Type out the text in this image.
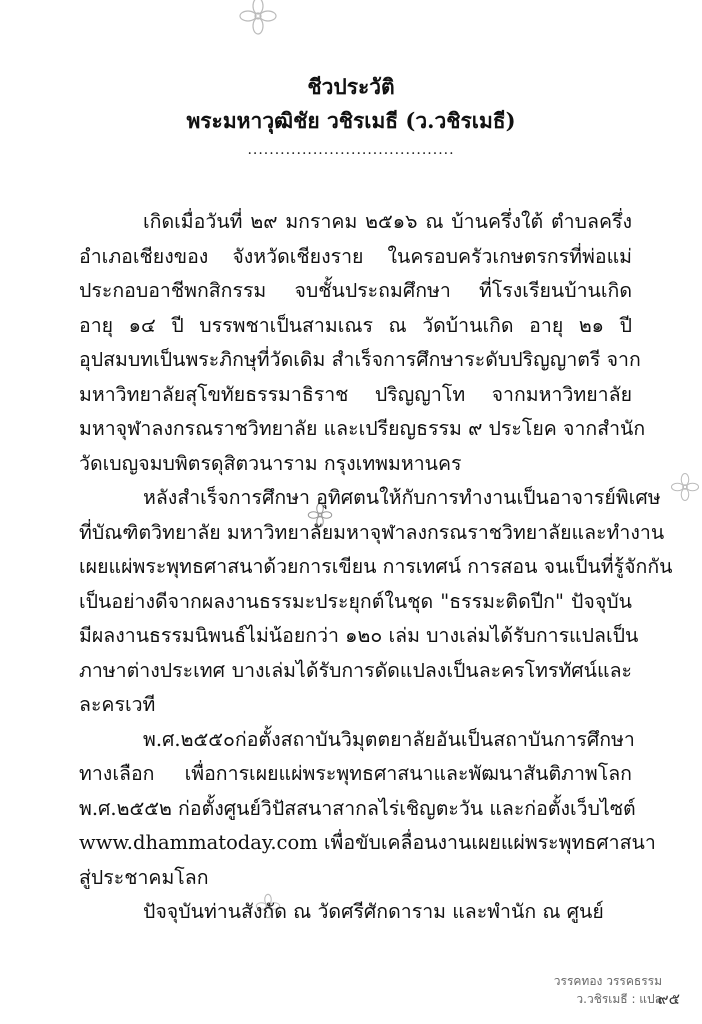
ชีวประวัติ
พระมหาวุฒิชัย วชิรเมธี (ว.วชิรเมธี)
......................................

เกิดเมื่อวันที่ ๒๙ มกราคม ๒๕๑๖ ณ บ้านครึ่งใต้ ตำบลครึ่ง
อำเภอเชียงของ จังหวัดเชียงราย ในครอบครัวเกษตรกรที่พ่อแม่
ประกอบอาชีพกสิกรรม จบชั้นประถมศึกษา ที่โรงเรียนบ้านเกิด
อายุ ๑๔ ปี บรรพชาเป็นสามเณร ณ วัดบ้านเกิด อายุ ๒๑ ปี
อุปสมบทเป็นพระภิกษุที่วัดเดิม สำเร็จการศึกษาระดับปริญญาตรี จาก
มหาวิทยาลัยสุโขทัยธรรมาธิราช ปริญญาโท จากมหาวิทยาลัย
มหาจุฬาลงกรณราชวิทยาลัย และเปรียญธรรม ๙ ประโยค จากสำนัก
วัดเบญจมบพิตรดุสิตวนาราม กรุงเทพมหานคร

หลังสำเร็จการศึกษา อุทิศตนให้กับการทำงานเป็นอาจารย์พิเศษ
ที่บัณฑิตวิทยาลัย มหาวิทยาลัยมหาจุฬาลงกรณราชวิทยาลัยและทำงาน
เผยแผ่พระพุทธศาสนาด้วยการเขียน การเทศน์ การสอน จนเป็นที่รู้จักกัน
เป็นอย่างดีจากผลงานธรรมะประยุกต์ในชุด "ธรรมะติดปีก" ปัจจุบัน
มีผลงานธรรมนิพนธ์ไม่น้อยกว่า ๑๒๐ เล่ม บางเล่มได้รับการแปลเป็น
ภาษาต่างประเทศ บางเล่มได้รับการดัดแปลงเป็นละครโทรทัศน์และ
ละครเวที

พ.ศ.๒๕๕๐ก่อตั้งสถาบันวิมุตตยาลัยอันเป็นสถาบันการศึกษา
ทางเลือก เพื่อการเผยแผ่พระพุทธศาสนาและพัฒนาสันติภาพโลก
พ.ศ.๒๕๕๒ ก่อตั้งศูนย์วิปัสสนาสากลไร่เชิญตะวัน และก่อตั้งเว็บไซต์
www.dhammatoday.com เพื่อขับเคลื่อนงานเผยแผ่พระพุทธศาสนา
สู่ประชาคมโลก

ปัจจุบันท่านสังกัด ณ วัดศรีศักดาราม และพำนัก ณ ศูนย์

วรรคทอง วรรคธรรม
ว.วชิรเมธี : แปล
๙๕
